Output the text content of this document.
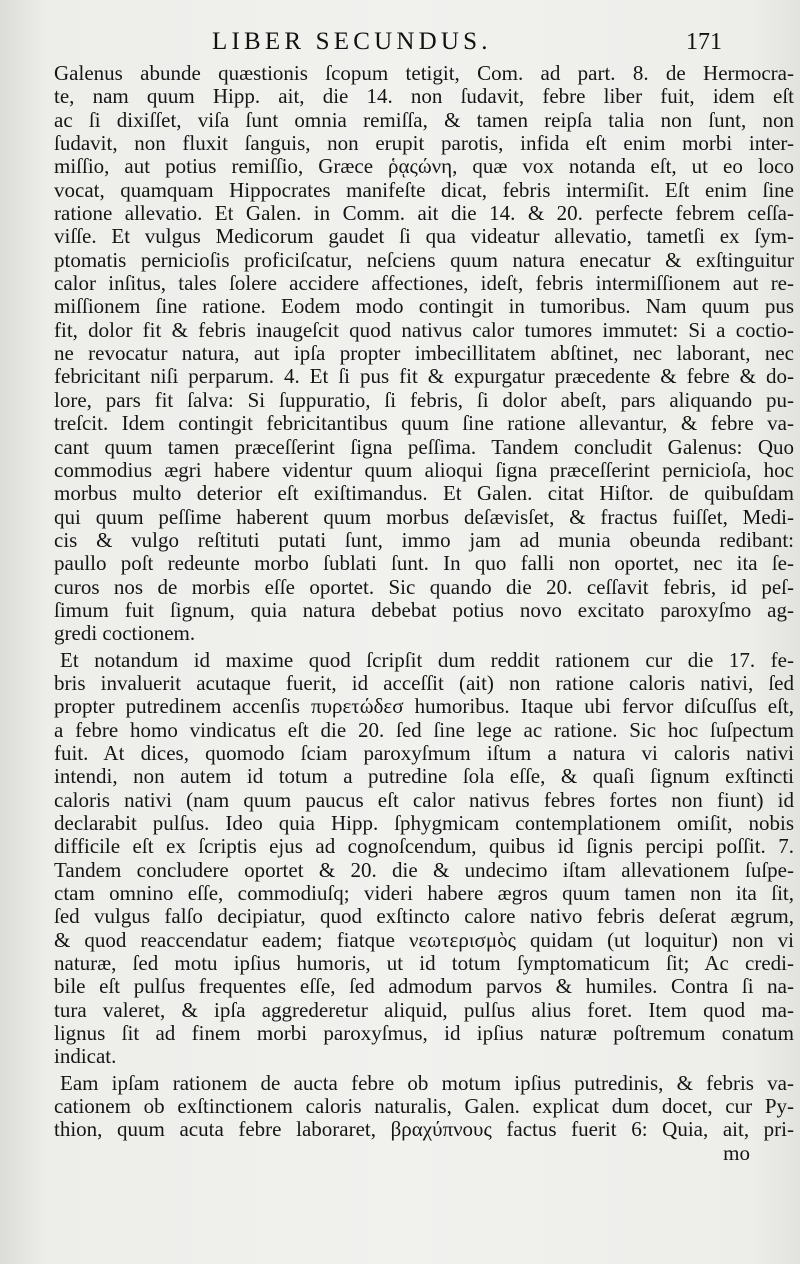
LIBER SECUNDUS.	171
Galenus abunde quæstionis ſcopum tetigit, Com. ad part. 8. de Hermocra-
te, nam quum Hipp. ait, die 14. non ſudavit, febre liber fuit, idem eſt
ac ſi dixiſſet, viſa ſunt omnia remiſſa, & tamen reipſa talia non ſunt, non
ſudavit, non fluxit ſanguis, non erupit parotis, infida eſt enim morbi inter-
miſſio, aut potius remiſſio, Græce ῥᾳςώνη, quæ vox notanda eſt, ut eo loco
vocat, quamquam Hippocrates manifeſte dicat, febris intermiſit. Eſt enim ſine
ratione allevatio. Et Galen. in Comm. ait die 14. & 20. perfecte febrem ceſſa-
viſſe. Et vulgus Medicorum gaudet ſi qua videatur allevatio, tametſi ex ſym-
ptomatis pernicioſis proficiſcatur, neſciens quum natura enecatur & exſtinguitur
calor inſitus, tales ſolere accidere affectiones, ideſt, febris intermiſſionem aut re-
miſſionem ſine ratione. Eodem modo contingit in tumoribus. Nam quum pus
fit, dolor fit & febris inaugeſcit quod nativus calor tumores immutet: Si a coctio-
ne revocatur natura, aut ipſa propter imbecillitatem abſtinet, nec laborant, nec
febricitant niſi perparum. 4. Et ſi pus fit & expurgatur præcedente & febre & do-
lore, pars fit ſalva: Si ſuppuratio, ſi febris, ſi dolor abeſt, pars aliquando pu-
treſcit. Idem contingit febricitantibus quum ſine ratione allevantur, & febre va-
cant quum tamen præceſſerint ſigna peſſima. Tandem concludit Galenus: Quo
commodius ægri habere videntur quum alioqui ſigna præceſſerint pernicioſa, hoc
morbus multo deterior eſt exiſtimandus. Et Galen. citat Hiſtor. de quibuſdam
qui quum peſſime haberent quum morbus deſævisſet, & fractus fuiſſet, Medi-
cis & vulgo reſtituti putati ſunt, immo jam ad munia obeunda redibant:
paullo poſt redeunte morbo ſublati ſunt. In quo falli non oportet, nec ita ſe-
curos nos de morbis eſſe oportet. Sic quando die 20. ceſſavit febris, id peſ-
ſimum fuit ſignum, quia natura debebat potius novo excitato paroxyſmo ag-
gredi coctionem.
Et notandum id maxime quod ſcripſit dum reddit rationem cur die 17. fe-
bris invaluerit acutaque fuerit, id acceſſit (ait) non ratione caloris nativi, ſed
propter putredinem accenſis πυρετώδεσ humoribus. Itaque ubi fervor diſcuſſus eſt,
a febre homo vindicatus eſt die 20. ſed ſine lege ac ratione. Sic hoc ſuſpectum
fuit. At dices, quomodo ſciam paroxyſmum iſtum a natura vi caloris nativi
intendi, non autem id totum a putredine ſola eſſe, & quaſi ſignum exſtincti
caloris nativi (nam quum paucus eſt calor nativus febres fortes non fiunt) id
declarabit pulſus. Ideo quia Hipp. ſphygmicam contemplationem omiſit, nobis
difficile eſt ex ſcriptis ejus ad cognoſcendum, quibus id ſignis percipi poſſit. 7.
Tandem concludere oportet & 20. die & undecimo iſtam allevationem ſuſpe-
ctam omnino eſſe, commodiuſq; videri habere ægros quum tamen non ita ſit,
ſed vulgus falſo decipiatur, quod exſtincto calore nativo febris deſerat ægrum,
& quod reaccendatur eadem; fiatque νεωτερισμὸς quidam (ut loquitur) non vi
naturæ, ſed motu ipſius humoris, ut id totum ſymptomaticum ſit; Ac credi-
bile eſt pulſus frequentes eſſe, ſed admodum parvos & humiles. Contra ſi na-
tura valeret, & ipſa aggrederetur aliquid, pulſus alius foret. Item quod ma-
lignus ſit ad finem morbi paroxyſmus, id ipſius naturæ poſtremum conatum
indicat.
Eam ipſam rationem de aucta febre ob motum ipſius putredinis, & febris va-
cationem ob exſtinctionem caloris naturalis, Galen. explicat dum docet, cur Py-
thion, quum acuta febre laboraret, βραχύπνους factus fuerit 6: Quia, ait, pri-
mo
